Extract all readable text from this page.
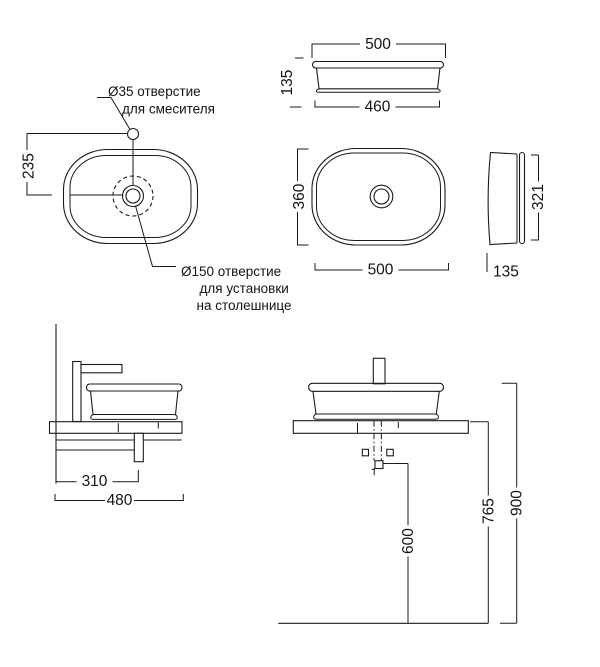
235
Ø35 отверстие
для смесителя
Ø150 отверстие
для установки
на столешнице
500
135
460
360
500
321
135
310
480
600
765 900
